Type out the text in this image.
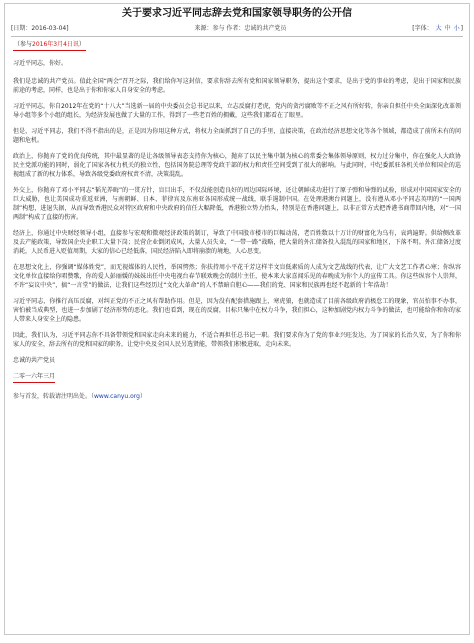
关于要求习近平同志辞去党和国家领导职务的公开信
[日期：2016-03-04]	来源：参与 作者：忠诚的共产党员	[字体： 大 中 小]
（参与2016年3月4日讯）

习近平同志，你好。

我们是忠诚的共产党员。值此全国“两会”召开之际，我们给你写这封信，要求你辞去所有党和国家领导职务，提出这个要求，是出于党的事业的考虑，是出于国家和民族前途的考虑，同样，也是出于你和你家人自身安全的考虑。

习近平同志，你自2012年在党的“十八大”当选新一届的中央委员会总书记以来，立志反腐打老虎，党内的贪污腐败等不正之风有所好转，你亲自担任中央全面深化改革领导小组等多个小组的组长，为经济发展也做了大量的工作，得到了一些老百姓的拥戴，这些我们都看在了眼里。

但是，习近平同志，我们不得不指出的是，正是因为你用这种方式，将权力全面抓到了自己的手里，直接决策，在政治经济思想文化等各个领域，都造成了前所未有的问题和危机。

政治上，你抛弃了党的优良传统，其中最显著的是让各级领导表态支持你为核心，抛弃了以民主集中制为核心的常委会集体领导原则，权力过分集中，你在强化人大政协民主党派功能的同时，弱化了国家各权力机关的独立性，包括国务院总理等党政干部的权力和责任空间受到了很大的影响。与此同时，中纪委派驻各机关单位和国企的巡视组成了新的权力体系，导致各级党委政府权责不清，决策混乱。

外交上，你抛弃了邓小平同志“韬光养晦”的一贯方针，盲目出手，不仅没能创造良好的周边国际环境，还让朝鲜成功进行了原子弹和导弹的试验，形成对中国国家安全的巨大威胁，也让美国成功重返亚洲，与南朝鲜、日本、菲律宾及东南亚各国形成统一战线，联手遏制中国。在处理港澳台问题上，没有遵从邓小平同志英明的“一国两制”构想，进退失据，从而导致香港民众对特区政府和中央政府的信任大幅降低，香港独立势力抬头，特别是在香港问题上，以非正常方式把香港书商带回内地，对“一国两制”构成了直接的伤害。

经济上，你通过中央财经领导小组，直接参与宏观和微观经济政策的制订，导致了中国股市楼市的巨幅动荡，老百姓数以十万计的财富化为乌有，哀鸿遍野。供给侧改革及去产能政策，导致国企央企职工大量下岗；民营企业倒闭成风，大量人员失业，“一带一路”战略，把大量的外汇储备投入混乱的国家和地区，下落不明。外汇储备过度消耗，人民币进入贬值周期，大家的信心已经低落，国民经济陷入即将崩溃的境地，人心思变。

在思想文化上，你强调“媒体姓党”，而无视媒体的人民性，举国愕然；你扶持周小平花千芳这样半文盲低素质的人成为文艺战线的代表，让广大文艺工作者心寒；你纵容文化单位直接给你唱赞歌，你的爱人彭丽媛的妹妹出任中央电视台春节联欢晚会的制片主任，使本来大家喜闻乐见的春晚成为你个人的宣传工具。你这些纵容个人崇拜，不许“妄议中央”，搞“一言堂”的做法，让我们这些经历过“文化大革命”的人不禁暗自胆心——我们的党、国家和民族再也经不起新的十年浩劫！

习近平同志，你推行高压反腐，对纠正党的不正之风有帮助作用。但是，因为没有配套措施跟上，寒虎狼，也就造成了目前各级政府消极怠工的现象，官员怕事不办事，害怕被当成典型，也进一步加剧了经济形势的恶化。我们也看到，现在的反腐，目标只集中在权力斗争，我们担心，这种加剧党内权力斗争的做法，也可能给你和你的家人带来人身安全上的隐患。

因此，我们认为，习近平同志你不具备带领党和国家走向未来的能力，不适合再担任总书记一职。我们要求你为了党的事业兴旺发达，为了国家的长治久安，为了你和你家人的安全，辞去所有的党和国家的职务，让党中央及全国人民另选贤能，带领我们积极进取，走向未来。

忠诚的共产党员

二零一六年三月

参与首发，转载请注明出处。（www.canyu.org）
